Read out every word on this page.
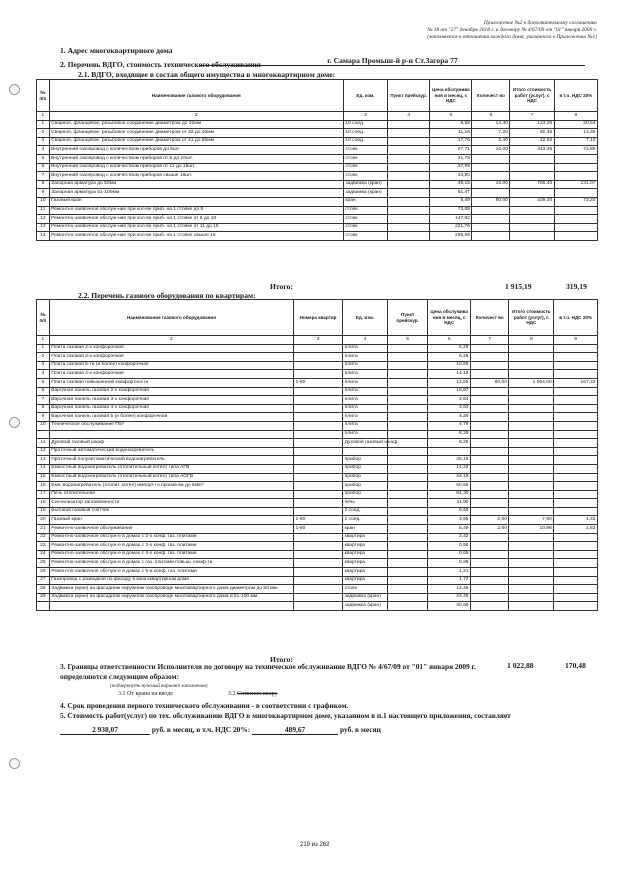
Приложение №2 к дополнительному соглашению
№ 18 от "27" декабря 2018 г. к договору № 4/67/09 от "01" января 2009 г.
(заполняется в отношении каждого дома, указанного в Приложении №1)
1. Адрес многоквартирного дома
г. Самара Промыш-й р-н Ст.Загора 77
2. Перечень ВДГО, стоимость технического обслуживания
2.1. ВДГО, входящее в состав общего имущества в многоквартирном доме:
№ п/п	Наименование газового оборудования	Ед. изм.	Пункт прейскур.	Цена обслужива ния в месяц, с НДС	Количест во	Итого стоимость работ (услуг), с НДС	в т.ч. НДС 20%
1	2	3	4	5	6	7	8
1	Сварное, фланцевое, резьбовое соединение диаметром до 32мм	10 соед.		8,58	14,40	123,26	20,54
2	Сварное, фланцевое, резьбовое соединение диаметром от 33 до 40мм	10 соед.		11,16	7,20	80,35	13,39
3	Сварное, фланцевое, резьбовое соединение диаметром от 41 до 50мм	10 соед.		17,76	2,40	42,62	7,10
4	Внутренний газопровод с количеством приборов до 5шт.	стояк		27,71	16,00	443,36	73,89
5	Внутренний газопровод с количеством приборов от 6 до 10шт.	стояк		31,76			
6	Внутренний газопровод с количеством приборов от 11 до 15шт.	стояк		37,99			
7	Внутренний газопровод с количеством приборов свыше 16шт.	стояк		43,90			
8	Запорная арматура до 50мм	задвижка (кран)		49,15	16,00	786,40	131,07
9	Запорная арматура 51-100мм	задвижка (кран)		61,47			
10	Газовый кран	кран		5,49	80,00	439,20	73,20
11	Ремонтно-заявочное обслуж-ние при кол-ве приб. на 1 стояке до 5	стояк		73,89			
12	Ремонтно-заявочное обслуж-ние при кол-ве приб. на 1 стояке от 6 до 10	стояк		147,82			
13	Ремонтно-заявочное обслуж-ние при кол-ве приб. на 1 стояке от 11 до 15	стояк		221,76			
14	Ремонтно-заявочное обслуж-ние при кол-ве приб. на 1 стояке свыше 16	стояк		295,69			
Итого:	1 915,19	319,19
2.2. Перечень газового оборудования по квартирам:
№ п/п	Наименование газового оборудования	Номера квартир	Ед. изм.	Пункт прейскур.	Цена обслужива ния в месяц, с НДС	Количест во	Итого стоимость работ (услуг), с НДС	в т.ч. НДС 20%
1	2	3	4	5	6	7	8	9
1	Плита газовая 2-х конфорочная		плита		6,29			
2	Плита газовая 3-х конфорочная		плита		8,28			
3	Плита газовая 5-ти (и более) конфорочная		плита		10,65			
4	Плита газовая 4-х конфорочная		плита		14,18			
5	Плита газовая повышенной комфортности	1-80	плита		12,55	80,00	1 004,00	167,33
6	Варочная панель газовая 2-х конфорочная		плита		16,97			
7	Варочная панель газовая 3-х конфорочная		плита		2,84			
8	Варочная панель газовая 4-х конфорочная		плита		3,63			
9	Варочная панель газовая 5 (и более) конфорочная		плита		4,28			
10	Техническое обслуживание ГБУ		плита		4,79			
			плита		8,28			
11	Духовой газовый шкаф		Духовой газовый шкаф		8,28			
12	Проточный автоматический водонагреватель							
13	Проточный полуавтоматический водонагреватель		прибор		25,16			
14	Емкостный водонагреватель (отопительный котёл) типа АГВ		прибор		14,32			
15	Емкостный водонагреватель (отопительный котёл) типа АОГВ		прибор		24,18			
16	Емк. водонагреватель (отопит. котёл) импорт-го произв-ва до 6кВт*		прибор		50,55			
17	Печь отопительная		прибор		84,30			
18	Сигнализатор загазованности		печь		11,90			
19	Бытовой газовый счетчик		2 соед.		6,65			
20	Газовый кран	1-80	2 соед.		3,95	2,00	7,90	1,32
21	Ремонтно-заявочное обслуживание	1-80	кран		5,49	2,00	10,98	1,83
22	Ремонтно-заявочное обслуж-е в домах с 2-х конф. газ. плитами		квартира		2,42			
23	Ремонтно-заявочное обслуж-е в домах с 3-х конф. газ. плитами		квартира		0,56			
24	Ремонтно-заявочное обслуж-е в домах с 4-х конф. газ. плитами		квартира		0,65			
25	Ремонтно-заявочное обслуж-е в домах с газ. плитами повыш. комф-ти		квартира		0,88			
26	Ремонтно-заявочное обслуж-е в домах с 5-и конф. газ. плитами		квартира		1,21			
27	Газопровод с разводкой по фасаду в многоквартирном доме		квартира		1,72			
28	Задвижка (кран) на фасадном наружном газопроводе многоквартирного дома диаметром до 50 мм.		стояк		12,46			
29	Задвижка (кран) на фасадном наружном газопроводе многоквартирного дома d 51-100 мм.		задвижка (кран)		24,46			
			задвижка (кран)		30,69			
Итого:
1 022,88	170,48
3. Границы ответственности Исполнителя по договору на техническое обслуживание ВДГО № 4/67/09 от "01" января 2009 г.
определяются следующим образом:
(подчеркнуть нужный вариант заполнения)
3.1 От крана на вводе	3.2 Сотвенно ввору
4. Срок проведения первого технического обслуживания - в соответствии с графиком.
5. Стоимость работ(услуг) по тех. обслуживанию ВДГО в многоквартирном доме, указанном в п.1 настоящего приложения, составляет
2 938,07	руб. в месяц, в т.ч. НДС 20%:	489,67	руб. в месяц
219 из 262
